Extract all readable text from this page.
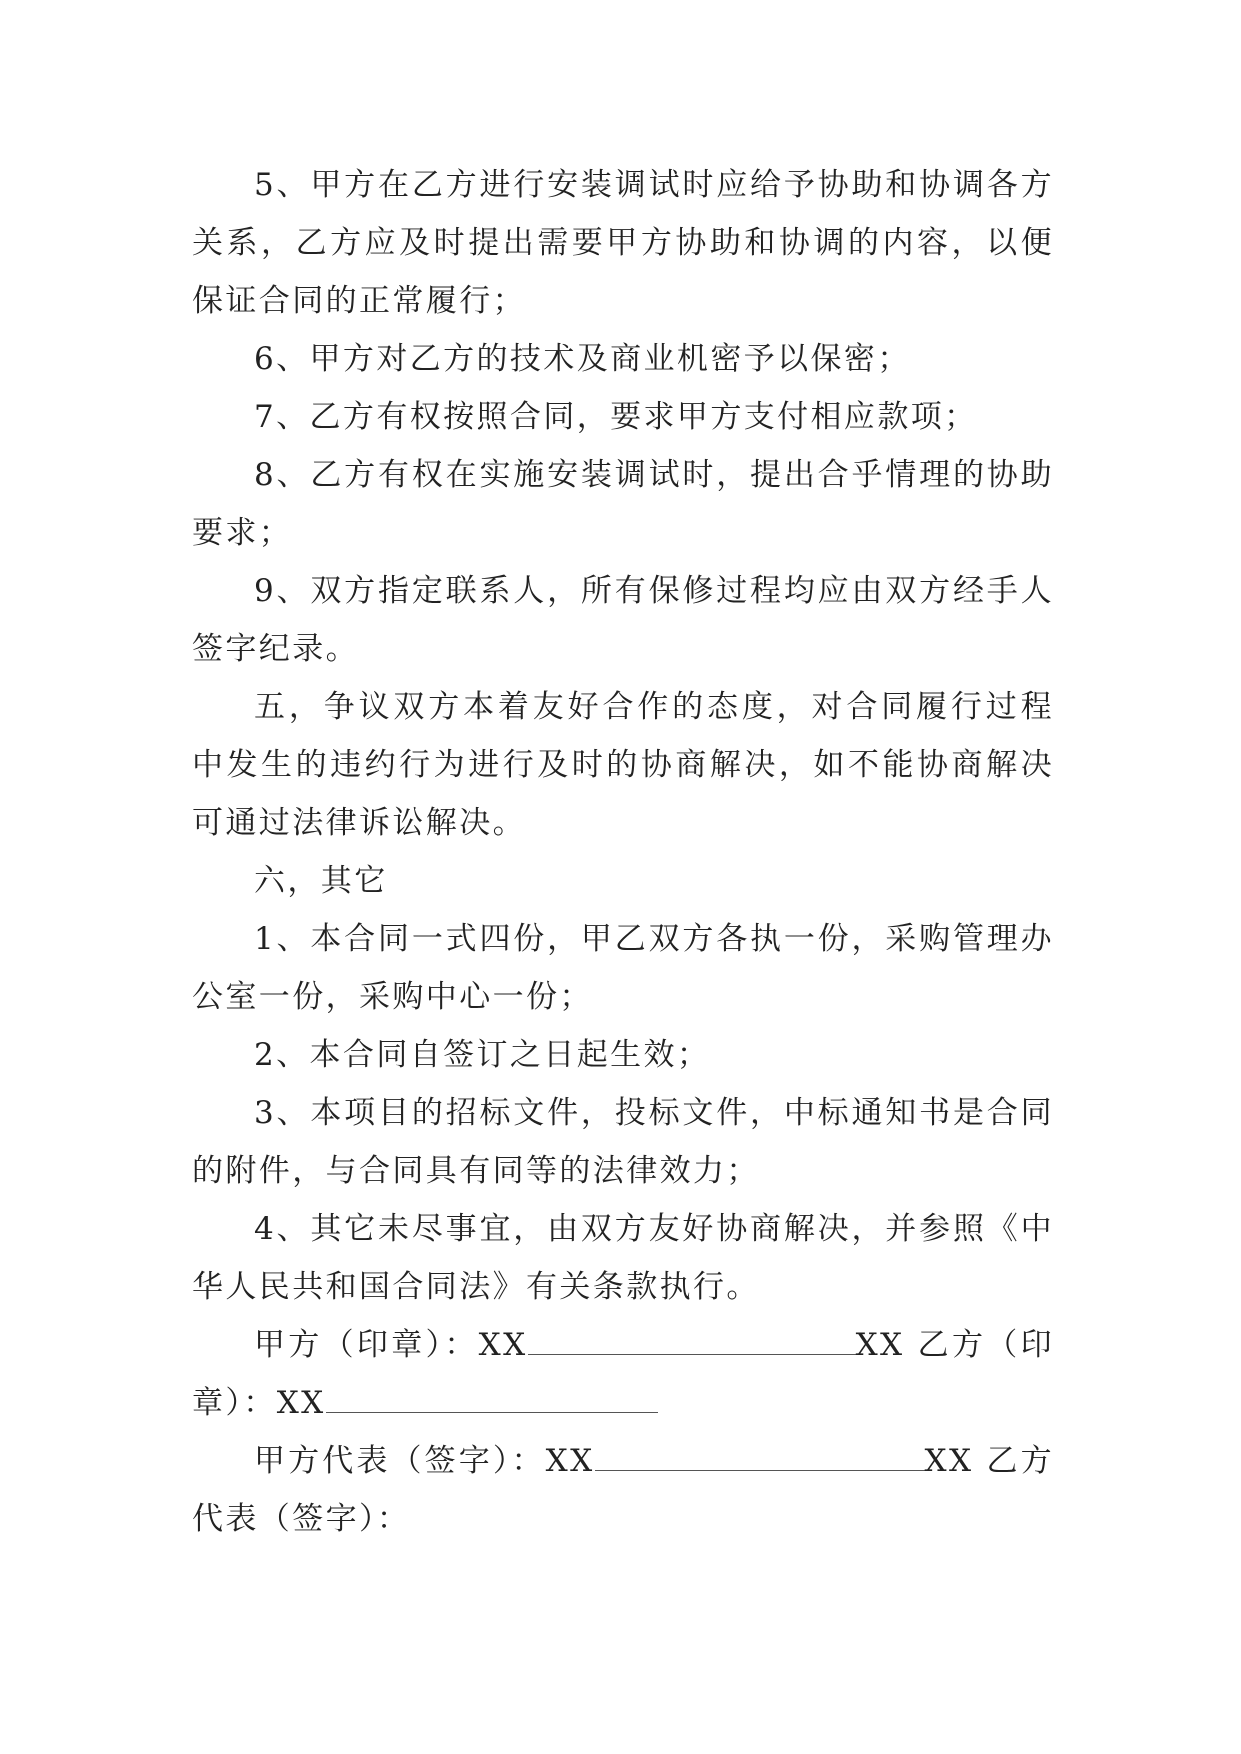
5、甲方在乙方进行安装调试时应给予协助和协调各方关系，乙方应及时提出需要甲方协助和协调的内容，以便保证合同的正常履行；

6、甲方对乙方的技术及商业机密予以保密；

7、乙方有权按照合同，要求甲方支付相应款项；

8、乙方有权在实施安装调试时，提出合乎情理的协助要求；

9、双方指定联系人，所有保修过程均应由双方经手人签字纪录。

五，争议双方本着友好合作的态度，对合同履行过程中发生的违约行为进行及时的协商解决，如不能协商解决可通过法律诉讼解决。

六，其它

1、本合同一式四份，甲乙双方各执一份，采购管理办公室一份，采购中心一份；

2、本合同自签订之日起生效；

3、本项目的招标文件，投标文件，中标通知书是合同的附件，与合同具有同等的法律效力；

4、其它未尽事宜，由双方友好协商解决，并参照《中华人民共和国合同法》有关条款执行。

甲方（印章）：XX	XX 乙方（印章）：XX

甲方代表（签字）：XX	XX 乙方代表（签字）：
